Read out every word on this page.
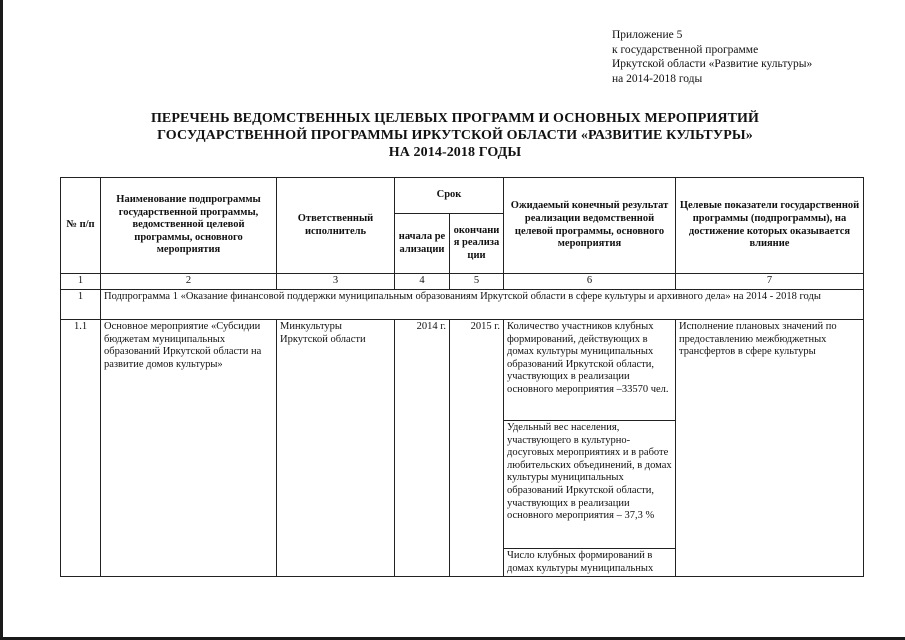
Приложение 5
к государственной программе
Иркутской области «Развитие культуры»
на 2014-2018 годы
ПЕРЕЧЕНЬ ВЕДОМСТВЕННЫХ ЦЕЛЕВЫХ ПРОГРАММ И ОСНОВНЫХ МЕРОПРИЯТИЙ
ГОСУДАРСТВЕННОЙ ПРОГРАММЫ ИРКУТСКОЙ ОБЛАСТИ «РАЗВИТИЕ КУЛЬТУРЫ»
НА 2014-2018 ГОДЫ
№ п/п	Наименование подпрограммы государственной программы, ведомственной целевой программы, основного мероприятия	Ответственный исполнитель	Срок		Ожидаемый конечный результат реализации ведомственной целевой программы, основного мероприятия	Целевые показатели государственной программы (подпрограммы), на достижение которых оказывается влияние
			начала реализации	окончания реализации		
1	2	3	4	5	6	7
1	Подпрограмма 1 «Оказание финансовой поддержки муниципальным образованиям Иркутской области в сфере культуры и архивного дела» на 2014 - 2018 годы					
1.1	Основное мероприятие «Субсидии бюджетам муниципальных образований Иркутской области на развитие домов культуры»	Минкультуры Иркутской области	2014 г.	2015 г.	Количество участников клубных формирований, действующих в домах культуры муниципальных образований Иркутской области, участвующих в реализации основного мероприятия –33570 чел.	Исполнение плановых значений по предоставлению межбюджетных трансфертов в сфере культуры
					Удельный вес населения, участвующего в культурно-досуговых мероприятиях и в работе любительских объединений, в домах культуры муниципальных образований Иркутской области, участвующих в реализации основного мероприятия – 37,3 %	
					Число клубных формирований в домах культуры муниципальных	
